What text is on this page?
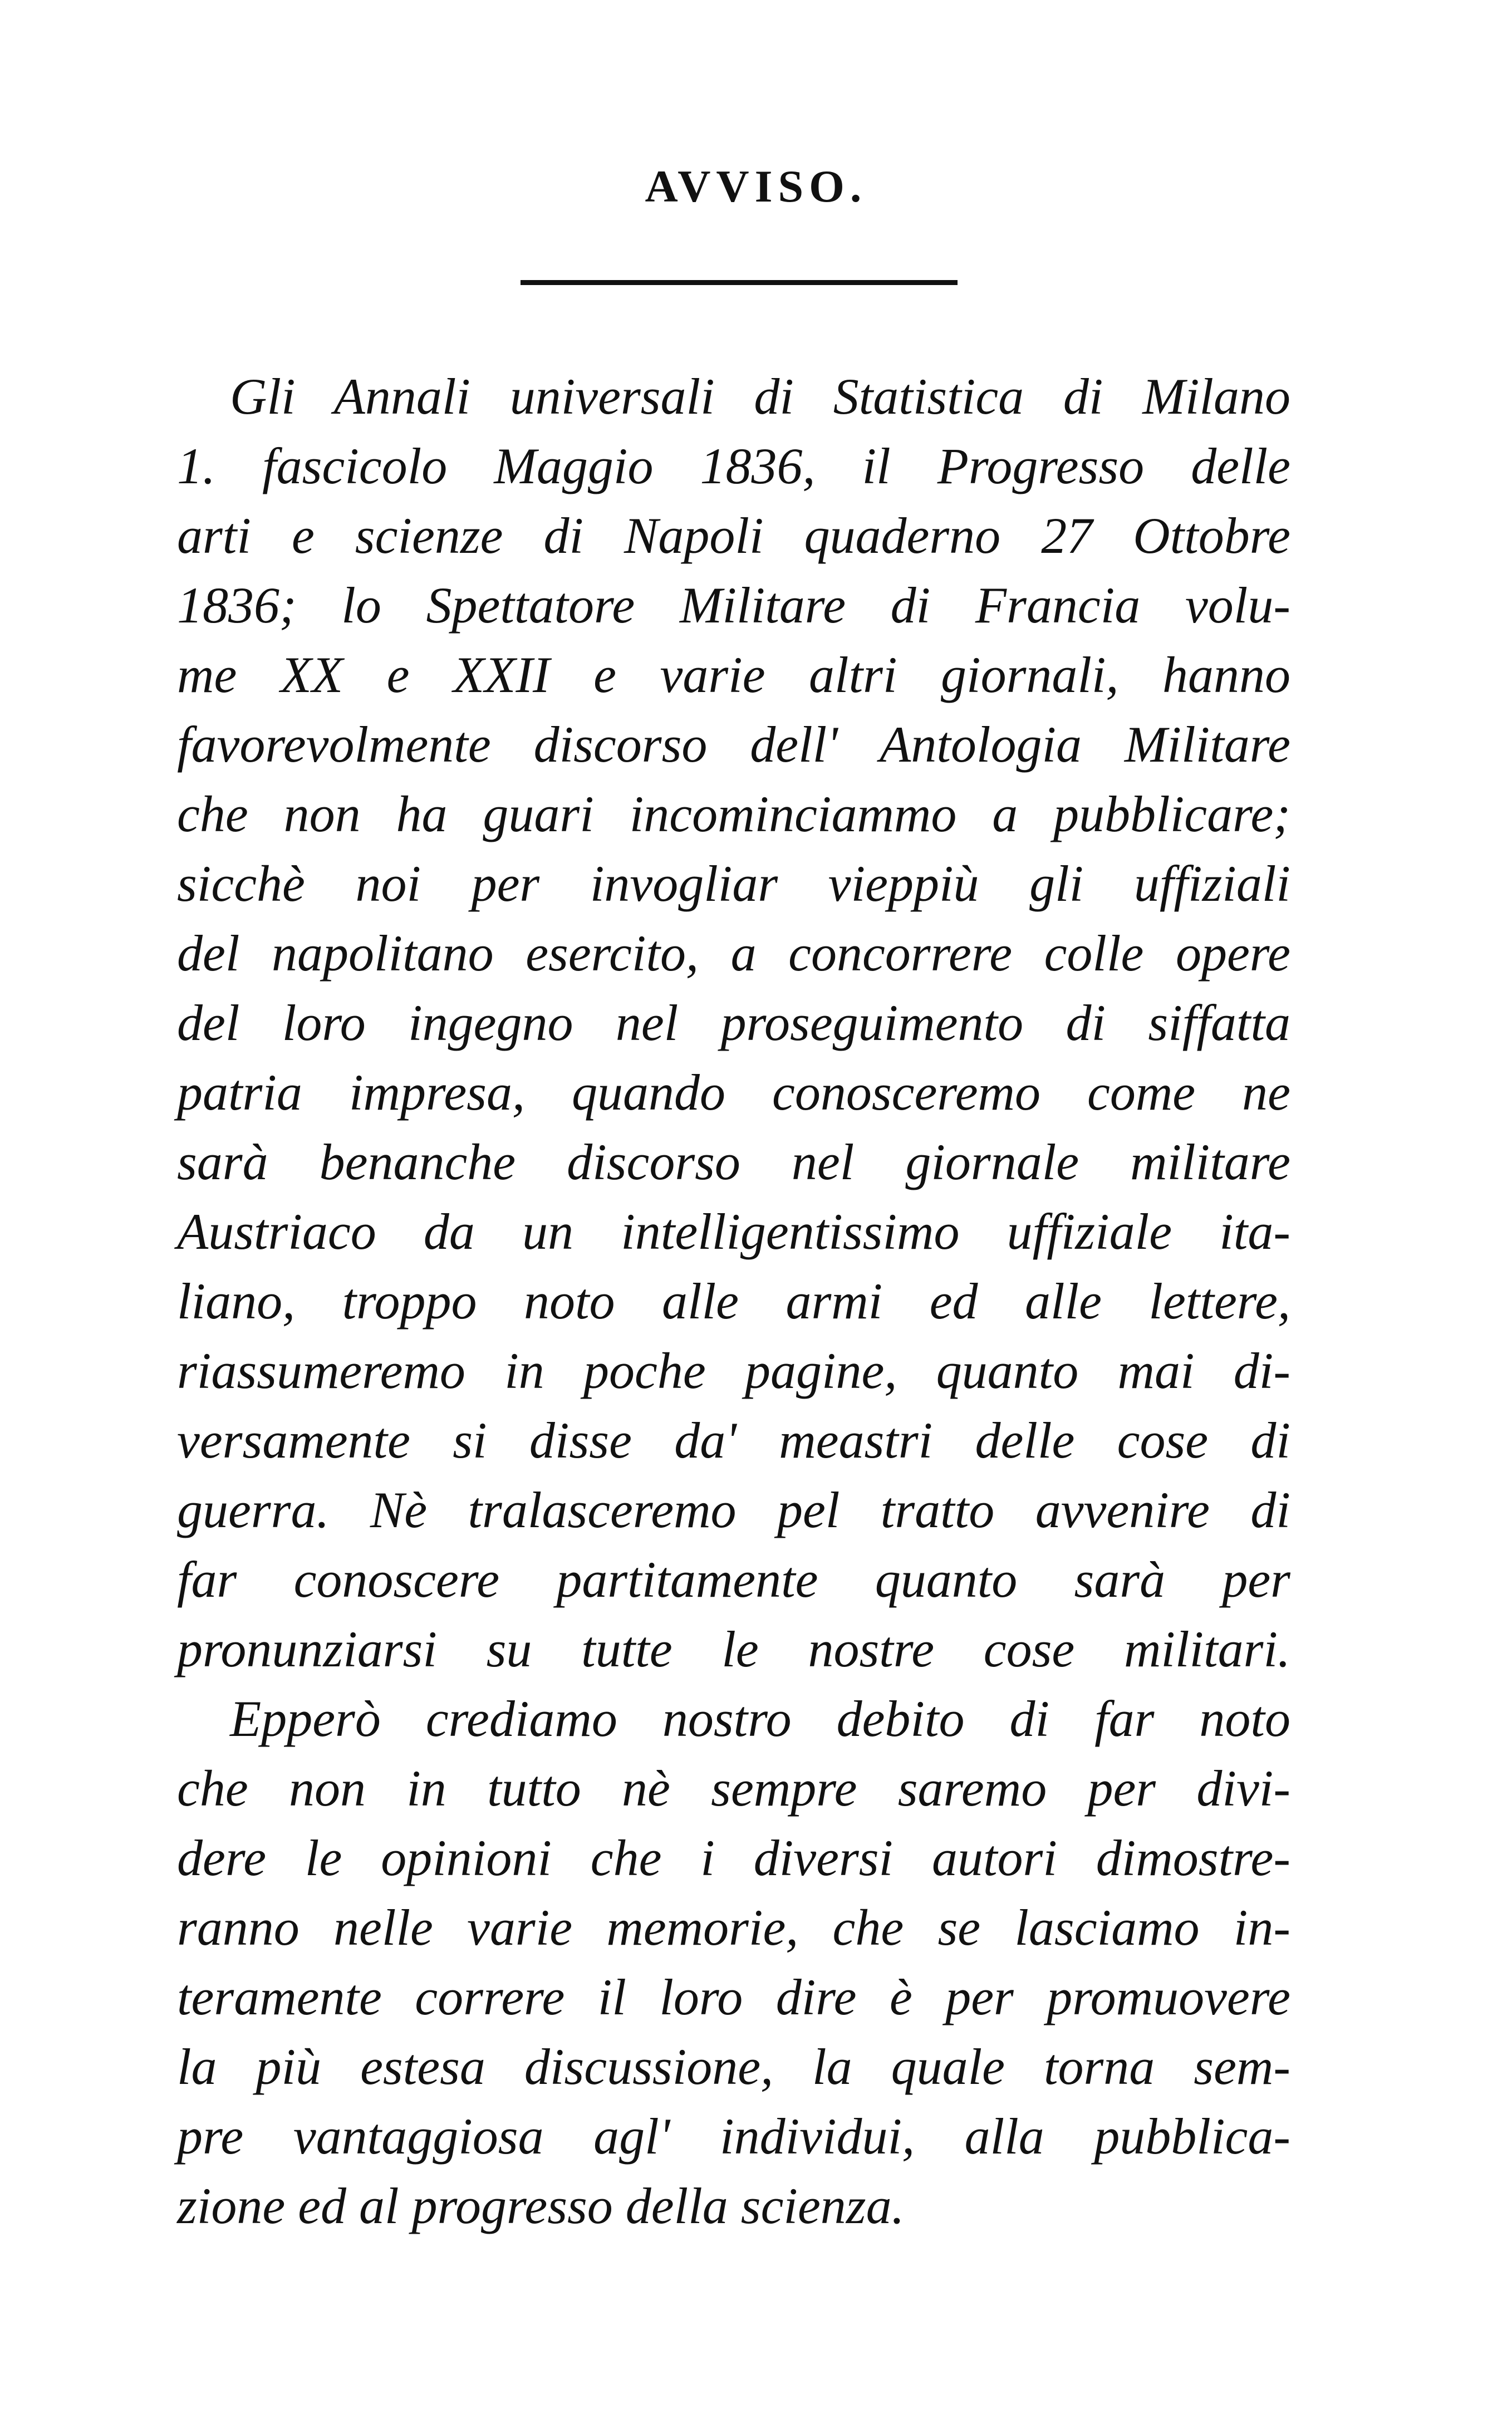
AVVISO.
Gli Annali universali di Statistica di Milano
1. fascicolo Maggio 1836, il Progresso delle
arti e scienze di Napoli quaderno 27 Ottobre
1836; lo Spettatore Militare di Francia volu-
me XX e XXII e varie altri giornali, hanno
favorevolmente discorso dell' Antologia Militare
che non ha guari incominciammo a pubblicare;
sicchè noi per invogliar vieppiù gli uffiziali
del napolitano esercito, a concorrere colle opere
del loro ingegno nel proseguimento di siffatta
patria impresa, quando conosceremo come ne
sarà benanche discorso nel giornale militare
Austriaco da un intelligentissimo uffiziale ita-
liano, troppo noto alle armi ed alle lettere,
riassumeremo in poche pagine, quanto mai di-
versamente si disse da' meastri delle cose di
guerra. Nè tralasceremo pel tratto avvenire di
far conoscere partitamente quanto sarà per
pronunziarsi su tutte le nostre cose militari.
Epperò crediamo nostro debito di far noto
che non in tutto nè sempre saremo per divi-
dere le opinioni che i diversi autori dimostre-
ranno nelle varie memorie, che se lasciamo in-
teramente correre il loro dire è per promuovere
la più estesa discussione, la quale torna sem-
pre vantaggiosa agl' individui, alla pubblica-
zione ed al progresso della scienza.
